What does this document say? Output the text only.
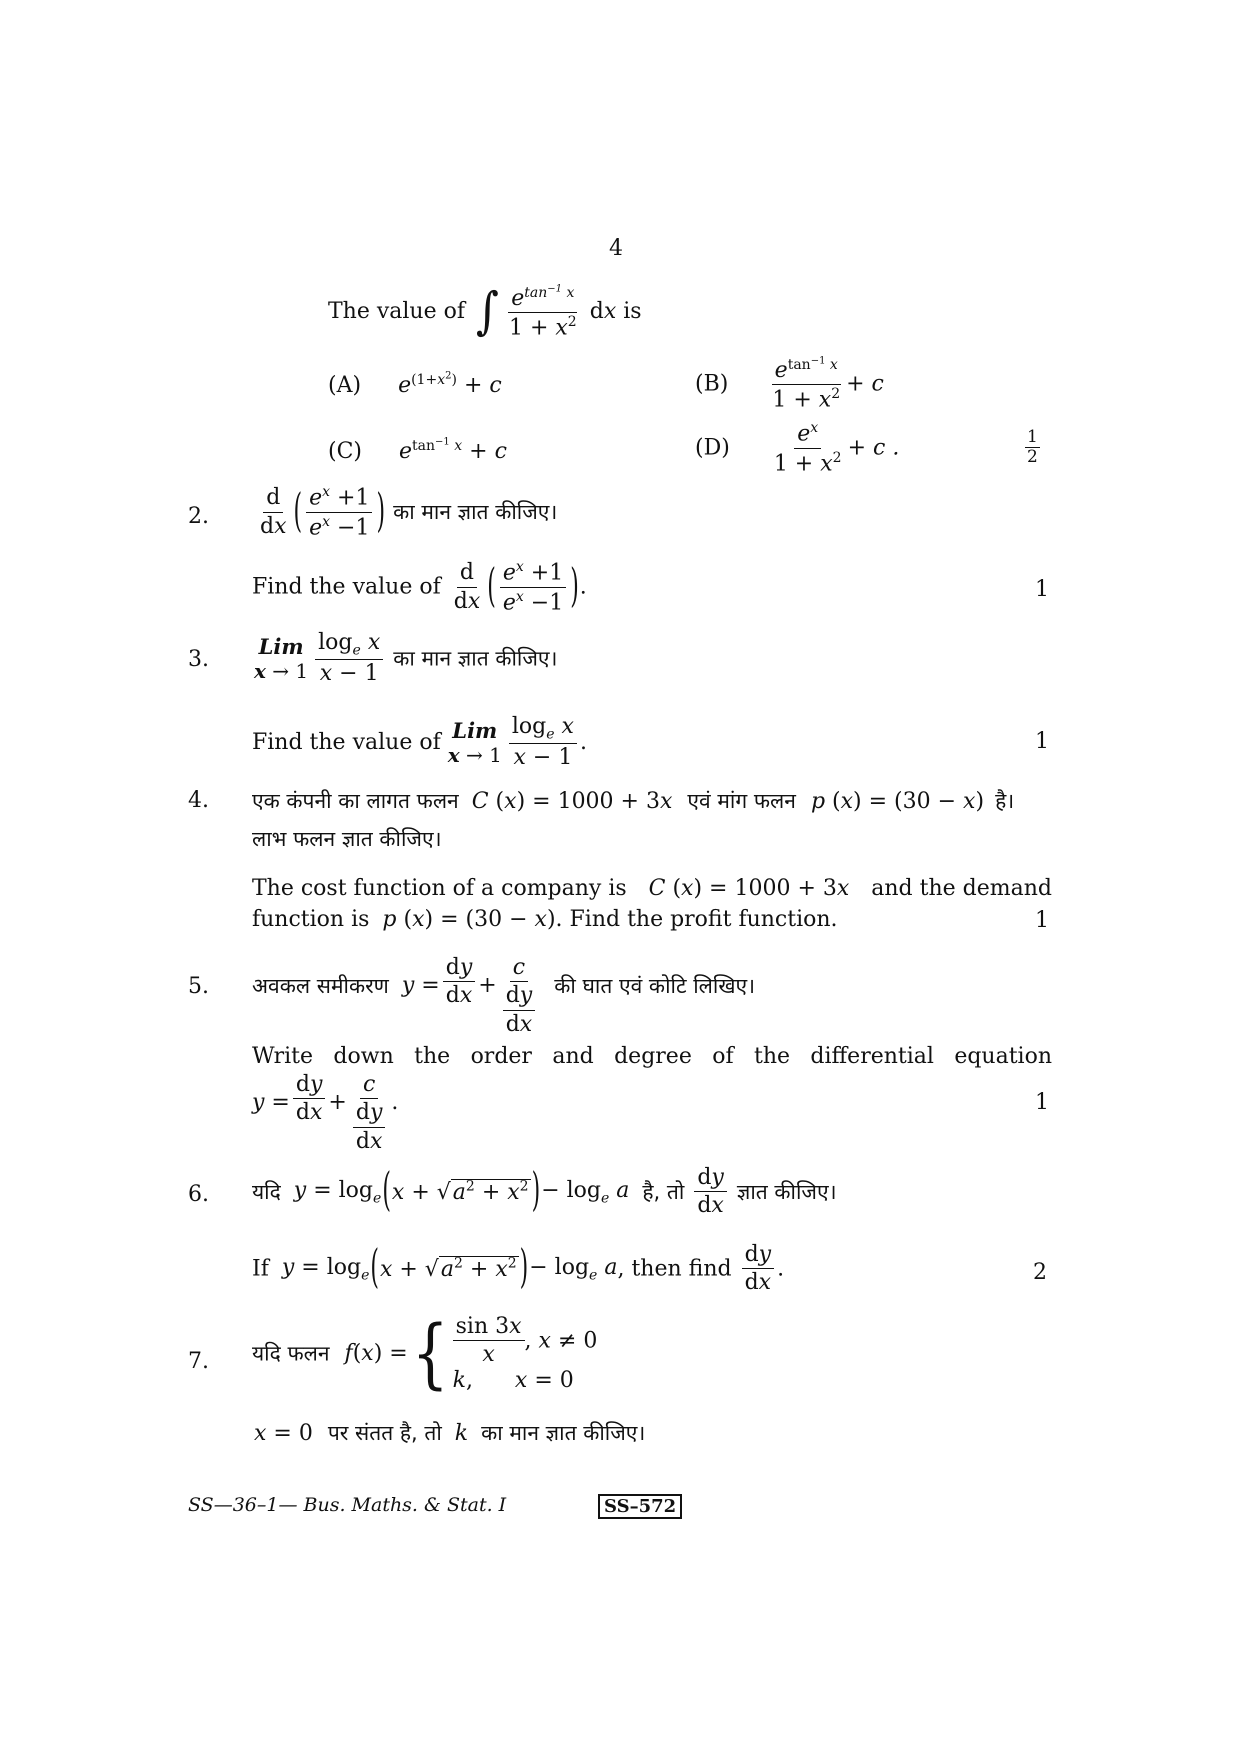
4
The value of ∫ $\frac{e^{tan^{-1} x}}{1 + x^2}$ dx is
(A) $e^{(1+x^2)} + c$	$(B) \frac{e^{tan^{-1} x}}{1 + x^2} + c$
(C) $e^{tan^{-1} x} + c$	$(D) \frac{e^x}{1 + x^2} + c$ .	$\frac{1}{2}$
2. $\frac{d}{dx}$ ( $\frac{e^x +1}{e^x -1}$ ) का मान ज्ञात कीजिए।
Find the value of $\frac{d}{dx}$ ( $\frac{e^x +1}{e^x -1}$ ).	1
3.
Lim
$x \to 1 \frac{\log_e x}{x - 1}$ का मान ज्ञात कीजिए।
Find the value of Lim
$x \to 1 \frac{\log_e x}{x - 1}$ .	1
4. एक कंपनी का लागत फलन C (x) = 1000 + 3x एवं मांग फलन p (x) = (30 − x) है।
लाभ फलन ज्ञात कीजिए।
The cost function of a company is C (x) = 1000 + 3x and the demand
function is p (x) = (30 − x). Find the profit function.	1
5. अवकल समीकरण $y = \frac{dy}{dx} + \frac{c}{\frac{dy}{dx}}$ की घात एवं कोटि लिखिए।
Write down the order and degree of the differential equation
$y = \frac{dy}{dx} + \frac{c}{\frac{dy}{dx}}$ .	1
6. यदि $y = \log_e(x + √a^2 + x^2$ )− $\log_e a$ है, तो $\frac{dy}{dx}$ ज्ञात कीजिए।
If $y = \log_e(x + √a^2 + x^2$ )− $\log_e a$, then find $\frac{dy}{dx}$ .	2
7. यदि फलन f(x) ={ $\frac{\sin 3x}{x}$ , x ≠ 0
k,      x = 0
x = 0 पर संतत है, तो k का मान ज्ञात कीजिए।
SS—36–1— Bus. Maths. & Stat. I	SS–572
